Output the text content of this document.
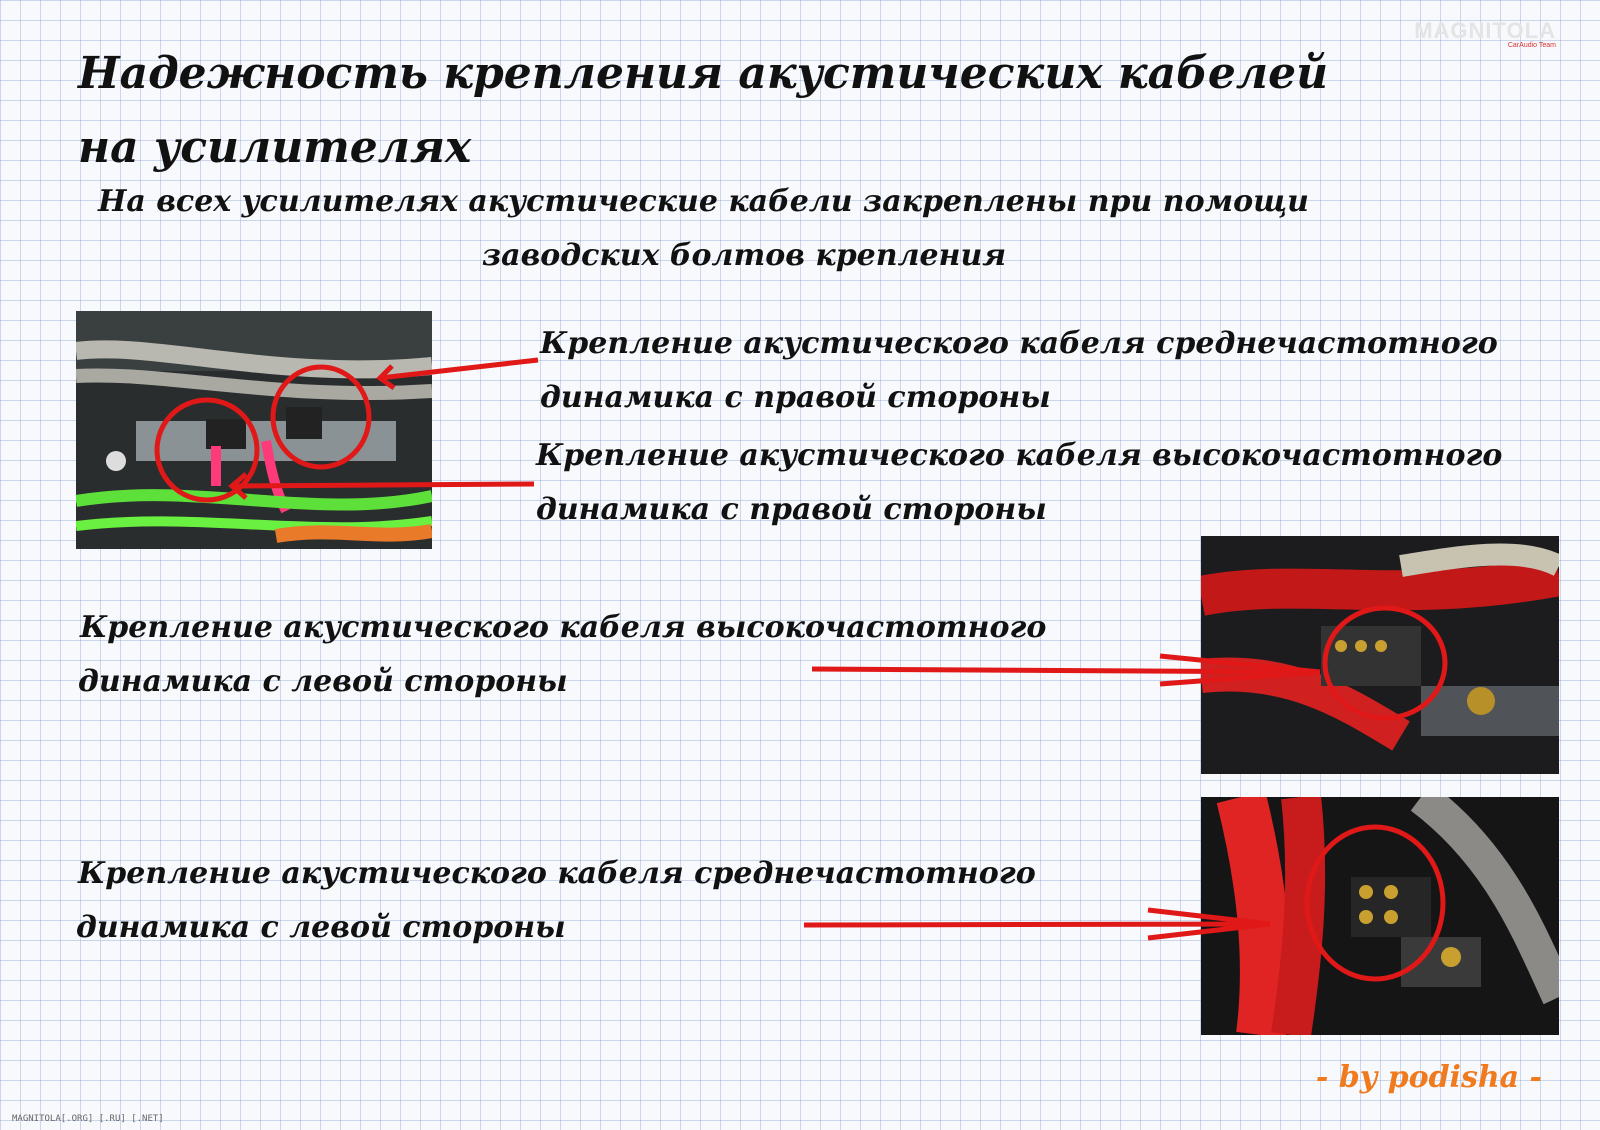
MAGNITOLA
CarAudio Team
Надежность крепления акустических кабелей
на усилителях
На всех усилителях акустические кабели закреплены при помощи
заводских болтов крепления
Крепление акустического кабеля среднечастотного
динамика с правой стороны
Крепление акустического кабеля высокочастотного
динамика с правой стороны
Крепление акустического кабеля высокочастотного
динамика с левой стороны
Крепление акустического кабеля среднечастотного
динамика с левой стороны
- by podisha -
MAGNITOLA[.ORG] [.RU] [.NET]
